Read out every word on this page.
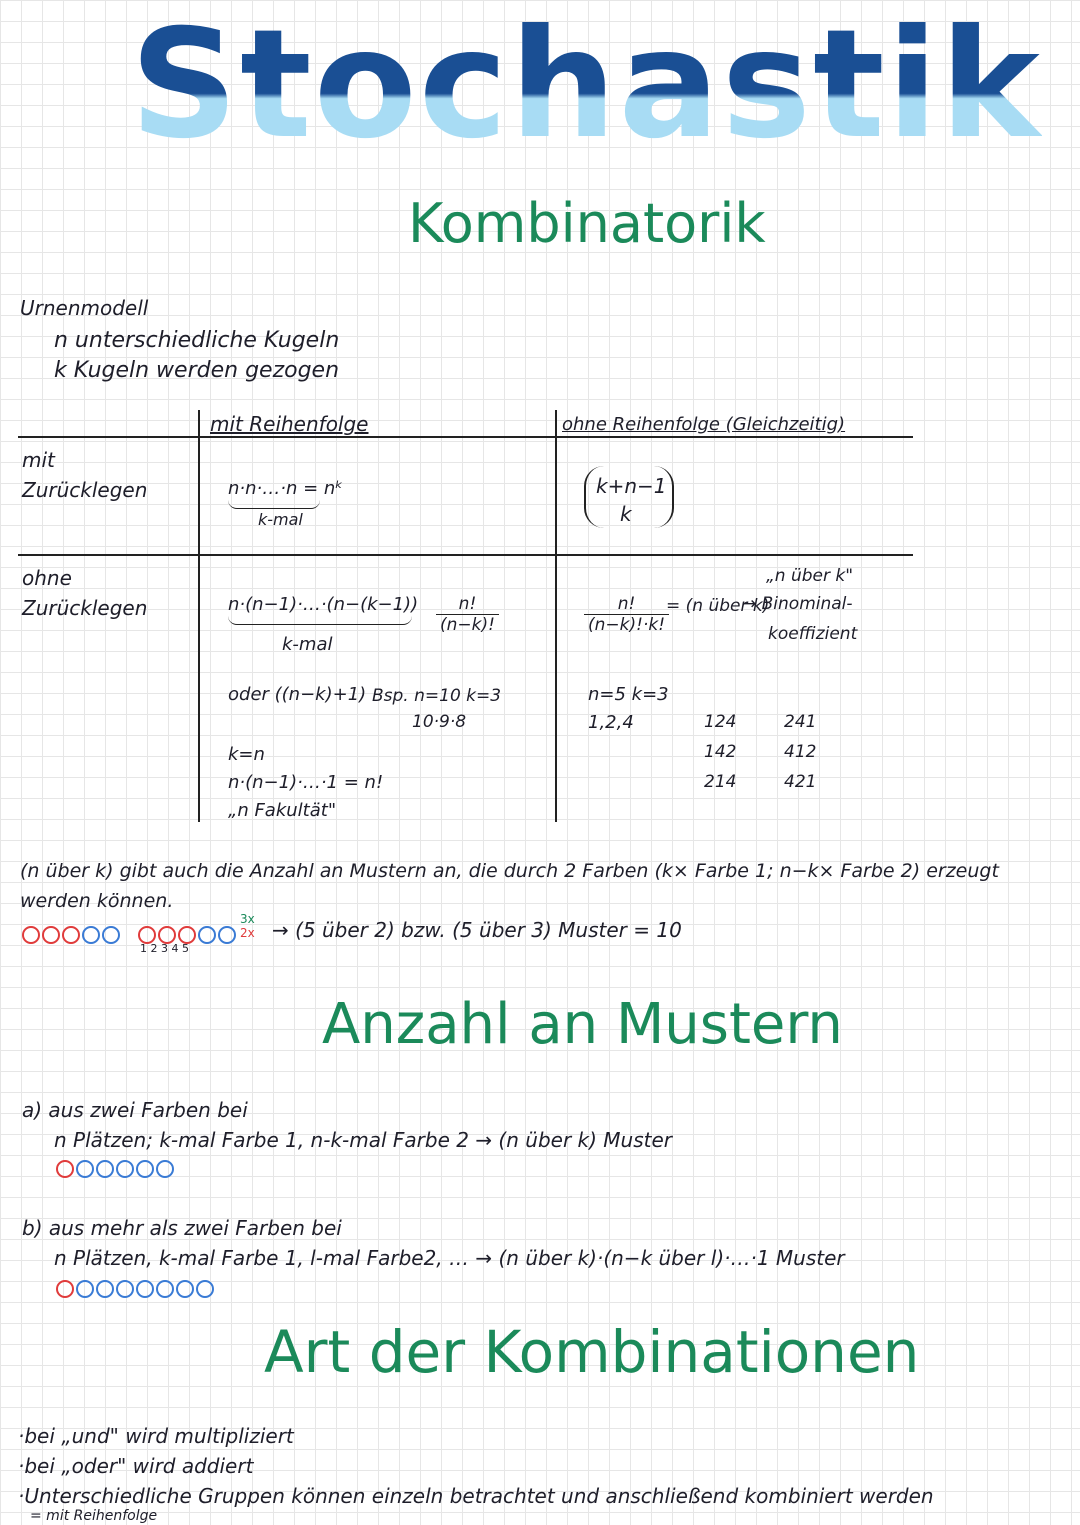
Stochastik
Kombinatorik
Urnenmodell
n unterschiedliche Kugeln
k Kugeln werden gezogen
mit Reihenfolge	ohne Reihenfolge (Gleichzeitig)
mit
Zurücklegen
ohne
Zurücklegen
n·n·…·n = nᵏ
k-mal
k+n−1
k
n·(n−1)·…·(n−(k−1))
k-mal
$\frac{n!}{(n-k)!}$
oder ((n−k)+1) Bsp. n=10 k=3
10·9·8
k=n
n·(n−1)·…·1 = n!
„n Fakultät"
$\frac{n!}{(n-k)!\cdot k!}$
= (n über k)
„n über k"
→ Binominal-
koeffizient
n=5 k=3
1,2,4	124
142
214
241
412
421
(n über k) gibt auch die Anzahl an Mustern an, die durch 2 Farben (k× Farbe 1; n−k× Farbe 2) erzeugt
werden können.
1 2 3 4 5
3x
2x → (5 über 2) bzw. (5 über 3) Muster = 10
Anzahl an Mustern
a) aus zwei Farben bei
n Plätzen; k-mal Farbe 1, n-k-mal Farbe 2 → (n über k) Muster
b) aus mehr als zwei Farben bei
n Plätzen, k-mal Farbe 1, l-mal Farbe2, … → (n über k)·(n−k über l)·…·1 Muster
Art der Kombinationen
·bei „und" wird multipliziert
·bei „oder" wird addiert
·Unterschiedliche Gruppen können einzeln betrachtet und anschließend kombiniert werden
= mit Reihenfolge
